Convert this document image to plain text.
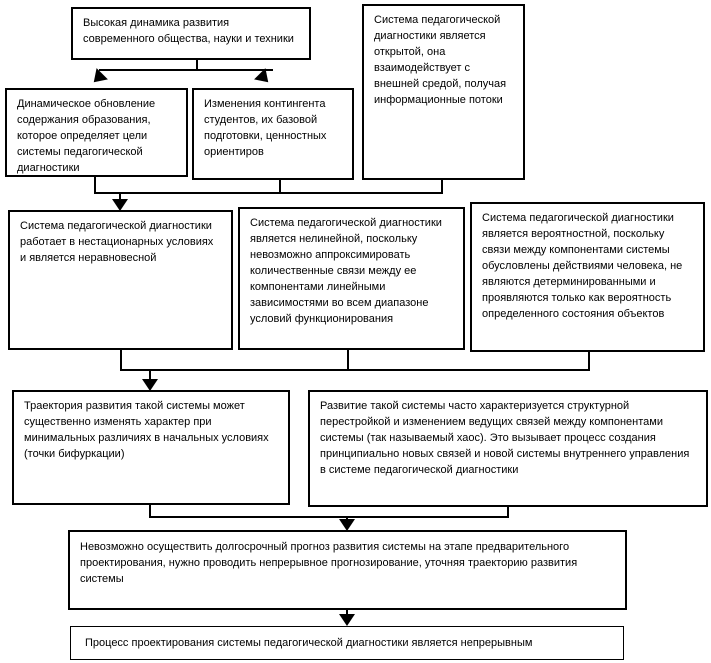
Высокая динамика развития современного общества, науки и техники
Система педагогической диагностики является открытой, она взаимодействует с внешней средой, получая информационные потоки
Динамическое обновление содержания образования, которое определяет цели системы педагогической диагностики
Изменения контингента студентов, их базовой подготовки, ценностных ориентиров
Система педагогической диагностики работает в нестационарных условиях и является неравновесной
Система педагогической диагностики является нелинейной, поскольку невозможно аппроксимировать количественные связи между ее компонентами линейными зависимостями во всем диапазоне условий функционирования
Система педагогической диагностики является вероятностной, поскольку связи между компонентами системы обусловлены действиями человека, не являются детерминированными и проявляются только как вероятность определенного состояния объектов
Траектория развития такой системы может существенно изменять характер при минимальных различиях в начальных условиях (точки бифуркации)
Развитие такой системы часто характеризуется структурной перестройкой и изменением ведущих связей между компонентами системы (так называемый хаос). Это вызывает процесс создания принципиально новых связей и новой системы внутреннего управления в системе педагогической диагностики
Невозможно осуществить долгосрочный прогноз развития системы на этапе предварительного проектирования, нужно проводить непрерывное прогнозирование, уточняя траекторию развития системы
Процесс проектирования системы педагогической диагностики является непрерывным
